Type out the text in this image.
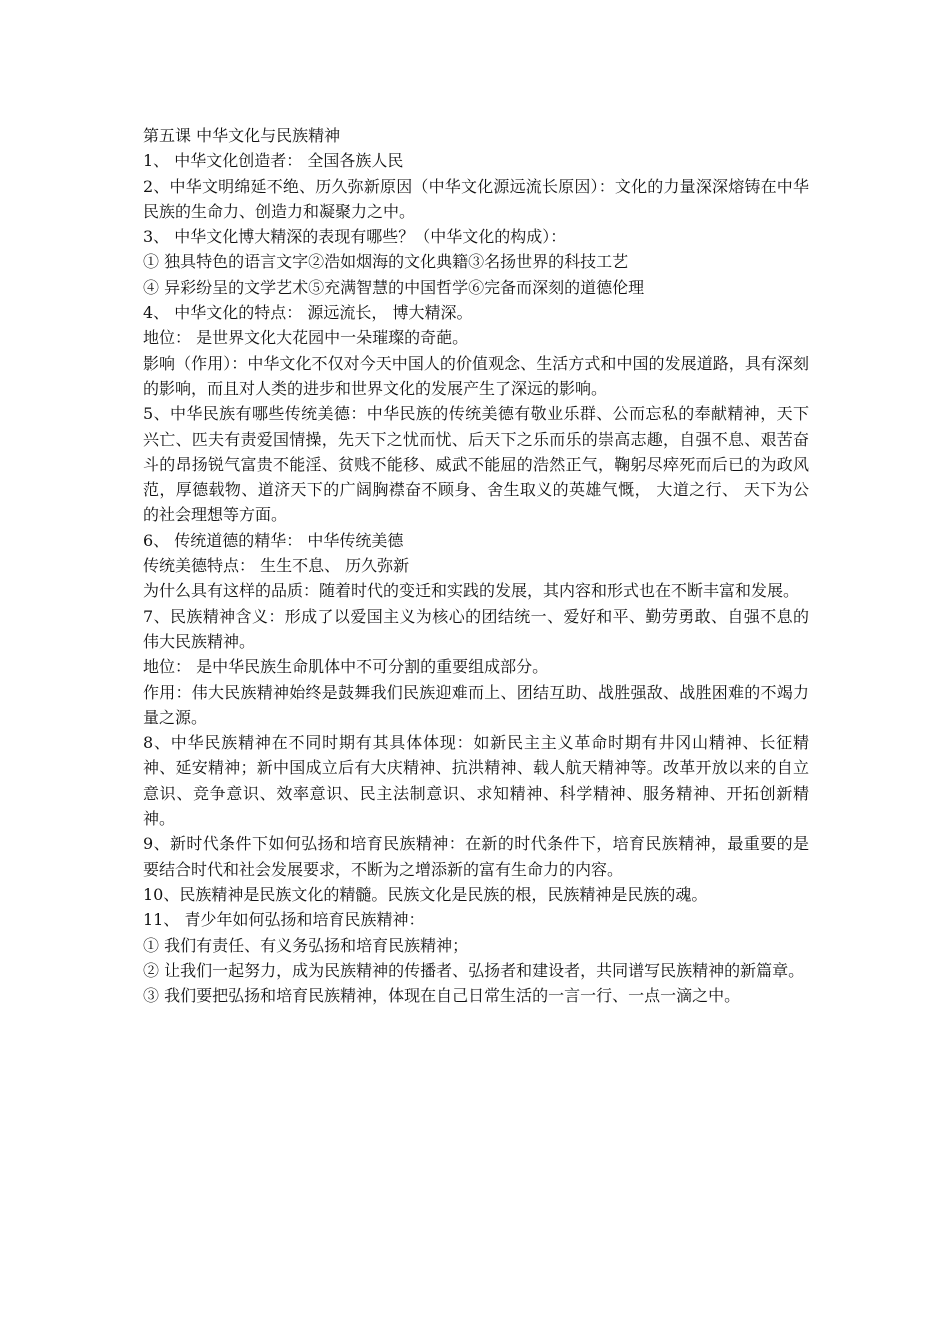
第五课 中华文化与民族精神

1、 中华文化创造者： 全国各族人民

2、中华文明绵延不绝、历久弥新原因（中华文化源远流长原因）：文化的力量深深熔铸在中华民族的生命力、创造力和凝聚力之中。

3、 中华文化博大精深的表现有哪些？（中华文化的构成）：

① 独具特色的语言文字②浩如烟海的文化典籍③名扬世界的科技工艺

④ 异彩纷呈的文学艺术⑤充满智慧的中国哲学⑥完备而深刻的道德伦理

4、 中华文化的特点： 源远流长， 博大精深。

地位： 是世界文化大花园中一朵璀璨的奇葩。

影响（作用）：中华文化不仅对今天中国人的价值观念、生活方式和中国的发展道路，具有深刻的影响，而且对人类的进步和世界文化的发展产生了深远的影响。

5、中华民族有哪些传统美德：中华民族的传统美德有敬业乐群、公而忘私的奉献精神，天下兴亡、匹夫有责爱国情操，先天下之忧而忧、后天下之乐而乐的崇高志趣，自强不息、艰苦奋斗的昂扬锐气富贵不能淫、贫贱不能移、威武不能屈的浩然正气，鞠躬尽瘁死而后已的为政风范，厚德载物、道济天下的广阔胸襟奋不顾身、舍生取义的英雄气慨， 大道之行、 天下为公的社会理想等方面。

6、 传统道德的精华： 中华传统美德

传统美德特点： 生生不息、 历久弥新

为什么具有这样的品质：随着时代的变迁和实践的发展，其内容和形式也在不断丰富和发展。

7、民族精神含义：形成了以爱国主义为核心的团结统一、爱好和平、勤劳勇敢、自强不息的伟大民族精神。

地位： 是中华民族生命肌体中不可分割的重要组成部分。

作用：伟大民族精神始终是鼓舞我们民族迎难而上、团结互助、战胜强敌、战胜困难的不竭力量之源。

8、中华民族精神在不同时期有其具体体现：如新民主主义革命时期有井冈山精神、长征精神、延安精神；新中国成立后有大庆精神、抗洪精神、载人航天精神等。改革开放以来的自立意识、竞争意识、效率意识、民主法制意识、求知精神、科学精神、服务精神、开拓创新精神。

9、新时代条件下如何弘扬和培育民族精神：在新的时代条件下，培育民族精神，最重要的是要结合时代和社会发展要求，不断为之增添新的富有生命力的内容。

10、民族精神是民族文化的精髓。民族文化是民族的根，民族精神是民族的魂。

11、 青少年如何弘扬和培育民族精神：

① 我们有责任、有义务弘扬和培育民族精神；

② 让我们一起努力，成为民族精神的传播者、弘扬者和建设者，共同谱写民族精神的新篇章。

③ 我们要把弘扬和培育民族精神，体现在自己日常生活的一言一行、一点一滴之中。
